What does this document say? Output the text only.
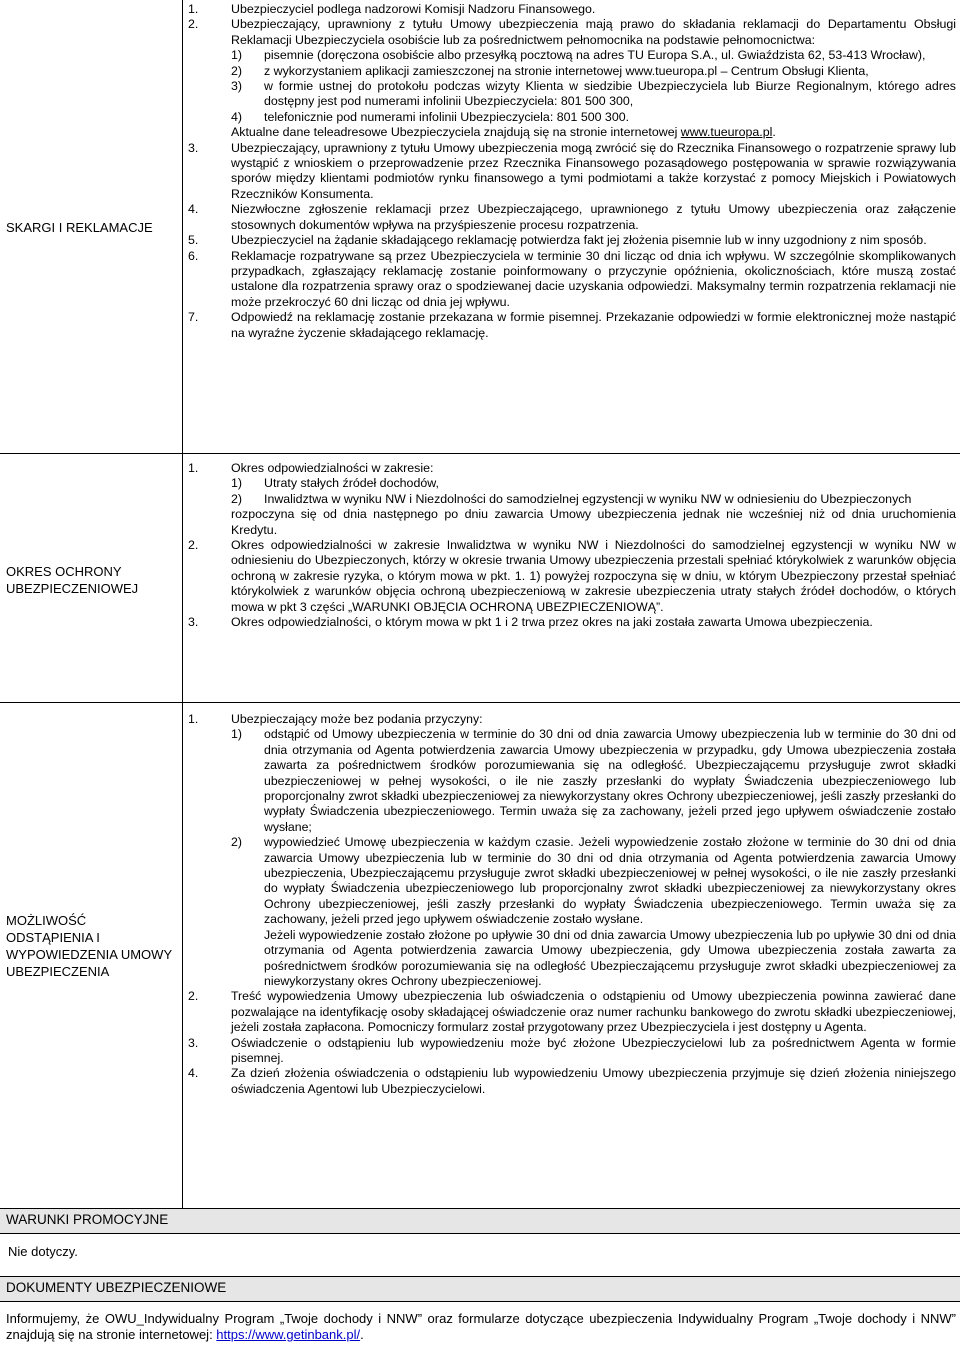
SKARGI I REKLAMACJE
1.	Ubezpieczyciel podlega nadzorowi Komisji Nadzoru Finansowego.
2.	Ubezpieczający, uprawniony z tytułu Umowy ubezpieczenia mają prawo do składania reklamacji do Departamentu Obsługi Reklamacji Ubezpieczyciela osobiście lub za pośrednictwem pełnomocnika na podstawie pełnomocnictwa:
1)	pisemnie (doręczona osobiście albo przesyłką pocztową na adres TU Europa S.A., ul. Gwiaździsta 62, 53-413 Wrocław),
2)	z wykorzystaniem aplikacji zamieszczonej na stronie internetowej www.tueuropa.pl – Centrum Obsługi Klienta,
3)	w formie ustnej do protokołu podczas wizyty Klienta w siedzibie Ubezpieczyciela lub Biurze Regionalnym, którego adres dostępny jest pod numerami infolinii Ubezpieczyciela: 801 500 300,
4)	telefonicznie pod numerami infolinii Ubezpieczyciela: 801 500 300.
Aktualne dane teleadresowe Ubezpieczyciela znajdują się na stronie internetowej www.tueuropa.pl.
3.	Ubezpieczający, uprawniony z tytułu Umowy ubezpieczenia mogą zwrócić się do Rzecznika Finansowego o rozpatrzenie sprawy lub wystąpić z wnioskiem o przeprowadzenie przez Rzecznika Finansowego pozasądowego postępowania w sprawie rozwiązywania sporów między klientami podmiotów rynku finansowego a tymi podmiotami a także korzystać z pomocy Miejskich i Powiatowych Rzeczników Konsumenta.
4.	Niezwłoczne zgłoszenie reklamacji przez Ubezpieczającego, uprawnionego z tytułu Umowy ubezpieczenia oraz załączenie stosownych dokumentów wpływa na przyśpieszenie procesu rozpatrzenia.
5.	Ubezpieczyciel na żądanie składającego reklamację potwierdza fakt jej złożenia pisemnie lub w inny uzgodniony z nim sposób.
6.	Reklamacje rozpatrywane są przez Ubezpieczyciela w terminie 30 dni licząc od dnia ich wpływu. W szczególnie skomplikowanych przypadkach, zgłaszający reklamację zostanie poinformowany o przyczynie opóźnienia, okolicznościach, które muszą zostać ustalone dla rozpatrzenia sprawy oraz o spodziewanej dacie uzyskania odpowiedzi. Maksymalny termin rozpatrzenia reklamacji nie może przekroczyć 60 dni licząc od dnia jej wpływu.
7.	Odpowiedź na reklamację zostanie przekazana w formie pisemnej. Przekazanie odpowiedzi w formie elektronicznej może nastąpić na wyraźne życzenie składającego reklamację.
OKRES OCHRONY UBEZPIECZENIOWEJ
1.	Okres odpowiedzialności w zakresie:
1)	Utraty stałych źródeł dochodów,
2)	Inwalidztwa w wyniku NW i Niezdolności do samodzielnej egzystencji w wyniku NW w odniesieniu do Ubezpieczonych
rozpoczyna się od dnia następnego po dniu zawarcia Umowy ubezpieczenia jednak nie wcześniej niż od dnia uruchomienia Kredytu.
2.	Okres odpowiedzialności w zakresie Inwalidztwa w wyniku NW i Niezdolności do samodzielnej egzystencji w wyniku NW w odniesieniu do Ubezpieczonych, którzy w okresie trwania Umowy ubezpieczenia przestali spełniać którykolwiek z warunków objęcia ochroną w zakresie ryzyka, o którym mowa w pkt. 1. 1) powyżej rozpoczyna się w dniu, w którym Ubezpieczony przestał spełniać którykolwiek z warunków objęcia ochroną ubezpieczeniową w zakresie ubezpieczenia utraty stałych źródeł dochodów, o których mowa w pkt 3 części „WARUNKI OBJĘCIA OCHRONĄ UBEZPIECZENIOWĄ”.
3.	Okres odpowiedzialności, o którym mowa w pkt 1 i 2 trwa przez okres na jaki została zawarta Umowa ubezpieczenia.
MOŻLIWOŚĆ ODSTĄPIENIA I WYPOWIEDZENIA UMOWY UBEZPIECZENIA
1.	Ubezpieczający może bez podania przyczyny:
1)	odstąpić od Umowy ubezpieczenia w terminie do 30 dni od dnia zawarcia Umowy ubezpieczenia lub w terminie do 30 dni od dnia otrzymania od Agenta potwierdzenia zawarcia Umowy ubezpieczenia w przypadku, gdy Umowa ubezpieczenia została zawarta za pośrednictwem środków porozumiewania się na odległość. Ubezpieczającemu przysługuje zwrot składki ubezpieczeniowej w pełnej wysokości, o ile nie zaszły przesłanki do wypłaty Świadczenia ubezpieczeniowego lub proporcjonalny zwrot składki ubezpieczeniowej za niewykorzystany okres Ochrony ubezpieczeniowej, jeśli zaszły przesłanki do wypłaty Świadczenia ubezpieczeniowego. Termin uważa się za zachowany, jeżeli przed jego upływem oświadczenie zostało wysłane;
2)	wypowiedzieć Umowę ubezpieczenia w każdym czasie. Jeżeli wypowiedzenie zostało złożone w terminie do 30 dni od dnia zawarcia Umowy ubezpieczenia lub w terminie do 30 dni od dnia otrzymania od Agenta potwierdzenia zawarcia Umowy ubezpieczenia, Ubezpieczającemu przysługuje zwrot składki ubezpieczeniowej w pełnej wysokości, o ile nie zaszły przesłanki do wypłaty Świadczenia ubezpieczeniowego lub proporcjonalny zwrot składki ubezpieczeniowej za niewykorzystany okres Ochrony ubezpieczeniowej, jeśli zaszły przesłanki do wypłaty Świadczenia ubezpieczeniowego. Termin uważa się za zachowany, jeżeli przed jego upływem oświadczenie zostało wysłane.
Jeżeli wypowiedzenie zostało złożone po upływie 30 dni od dnia zawarcia Umowy ubezpieczenia lub po upływie 30 dni od dnia otrzymania od Agenta potwierdzenia zawarcia Umowy ubezpieczenia, gdy Umowa ubezpieczenia została zawarta za pośrednictwem środków porozumiewania się na odległość Ubezpieczającemu przysługuje zwrot składki ubezpieczeniowej za niewykorzystany okres Ochrony ubezpieczeniowej.
2.	Treść wypowiedzenia Umowy ubezpieczenia lub oświadczenia o odstąpieniu od Umowy ubezpieczenia powinna zawierać dane pozwalające na identyfikację osoby składającej oświadczenie oraz numer rachunku bankowego do zwrotu składki ubezpieczeniowej, jeżeli została zapłacona. Pomocniczy formularz został przygotowany przez Ubezpieczyciela i jest dostępny u Agenta.
3.	Oświadczenie o odstąpieniu lub wypowiedzeniu może być złożone Ubezpieczycielowi lub za pośrednictwem Agenta w formie pisemnej.
4.	Za dzień złożenia oświadczenia o odstąpieniu lub wypowiedzeniu Umowy ubezpieczenia przyjmuje się dzień złożenia niniejszego oświadczenia Agentowi lub Ubezpieczycielowi.
WARUNKI PROMOCYJNE
Nie dotyczy.
DOKUMENTY UBEZPIECZENIOWE
Informujemy, że OWU_Indywidualny Program „Twoje dochody i NNW” oraz formularze dotyczące ubezpieczenia Indywidualny Program „Twoje dochody i NNW” znajdują się na stronie internetowej: https://www.getinbank.pl/.
